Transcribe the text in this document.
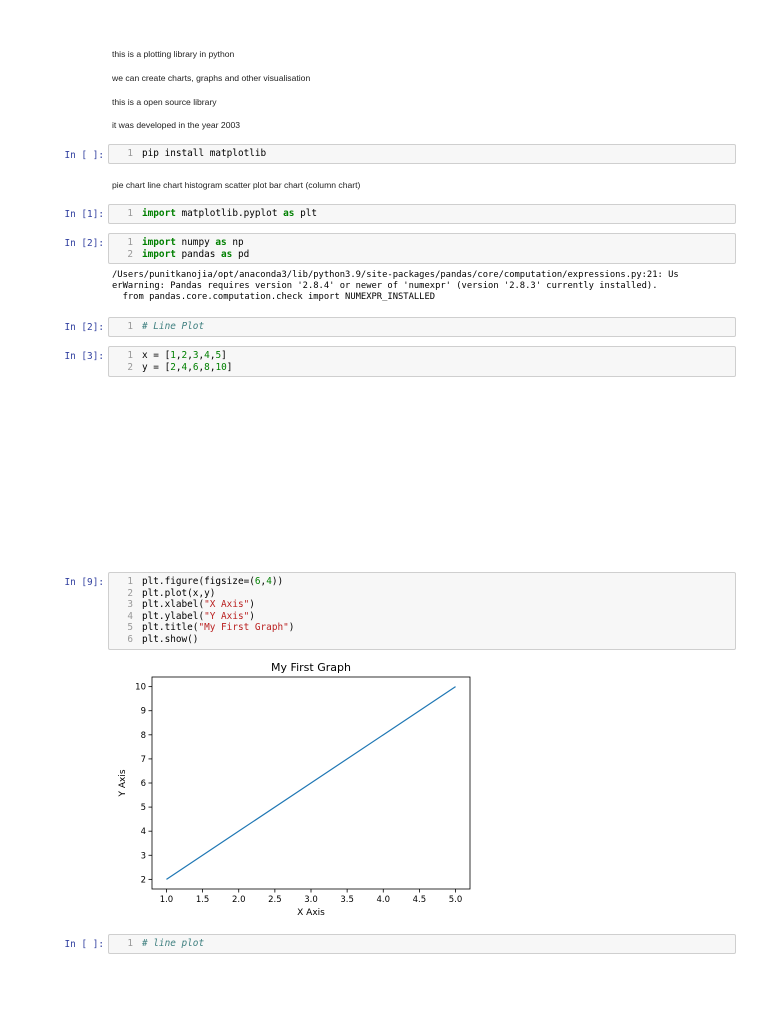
this is a plotting library in python
we can create charts, graphs and other visualisation
this is a open source library
it was developed in the year 2003
In [ ]:	1 pip install matplotlib
pie chart line chart histogram scatter plot bar chart (column chart)
In [1]:	1 import matplotlib.pyplot as plt
In [2]:	1 import numpy as np
2 import pandas as pd
/Users/punitkanojia/opt/anaconda3/lib/python3.9/site-packages/pandas/core/computation/expressions.py:21: Us
erWarning: Pandas requires version '2.8.4' or newer of 'numexpr' (version '2.8.3' currently installed).
from pandas.core.computation.check import NUMEXPR_INSTALLED
In [2]:	1 # Line Plot
In [3]:	1 x = [1,2,3,4,5]
2 y = [2,4,6,8,10]
In [9]:	1 plt.figure(figsize=(6,4))
2 plt.plot(x,y)
3 plt.xlabel("X Axis")
4 plt.ylabel("Y Axis")
5 plt.title("My First Graph")
6 plt.show()
My First Graph
1.0	1.5	2.0	2.5	3.0	3.5	4.0	4.5	5.0
2
3
4
5
6
7
8
9
10
X Axis
Y Axis
In [ ]:	1 # line plot
